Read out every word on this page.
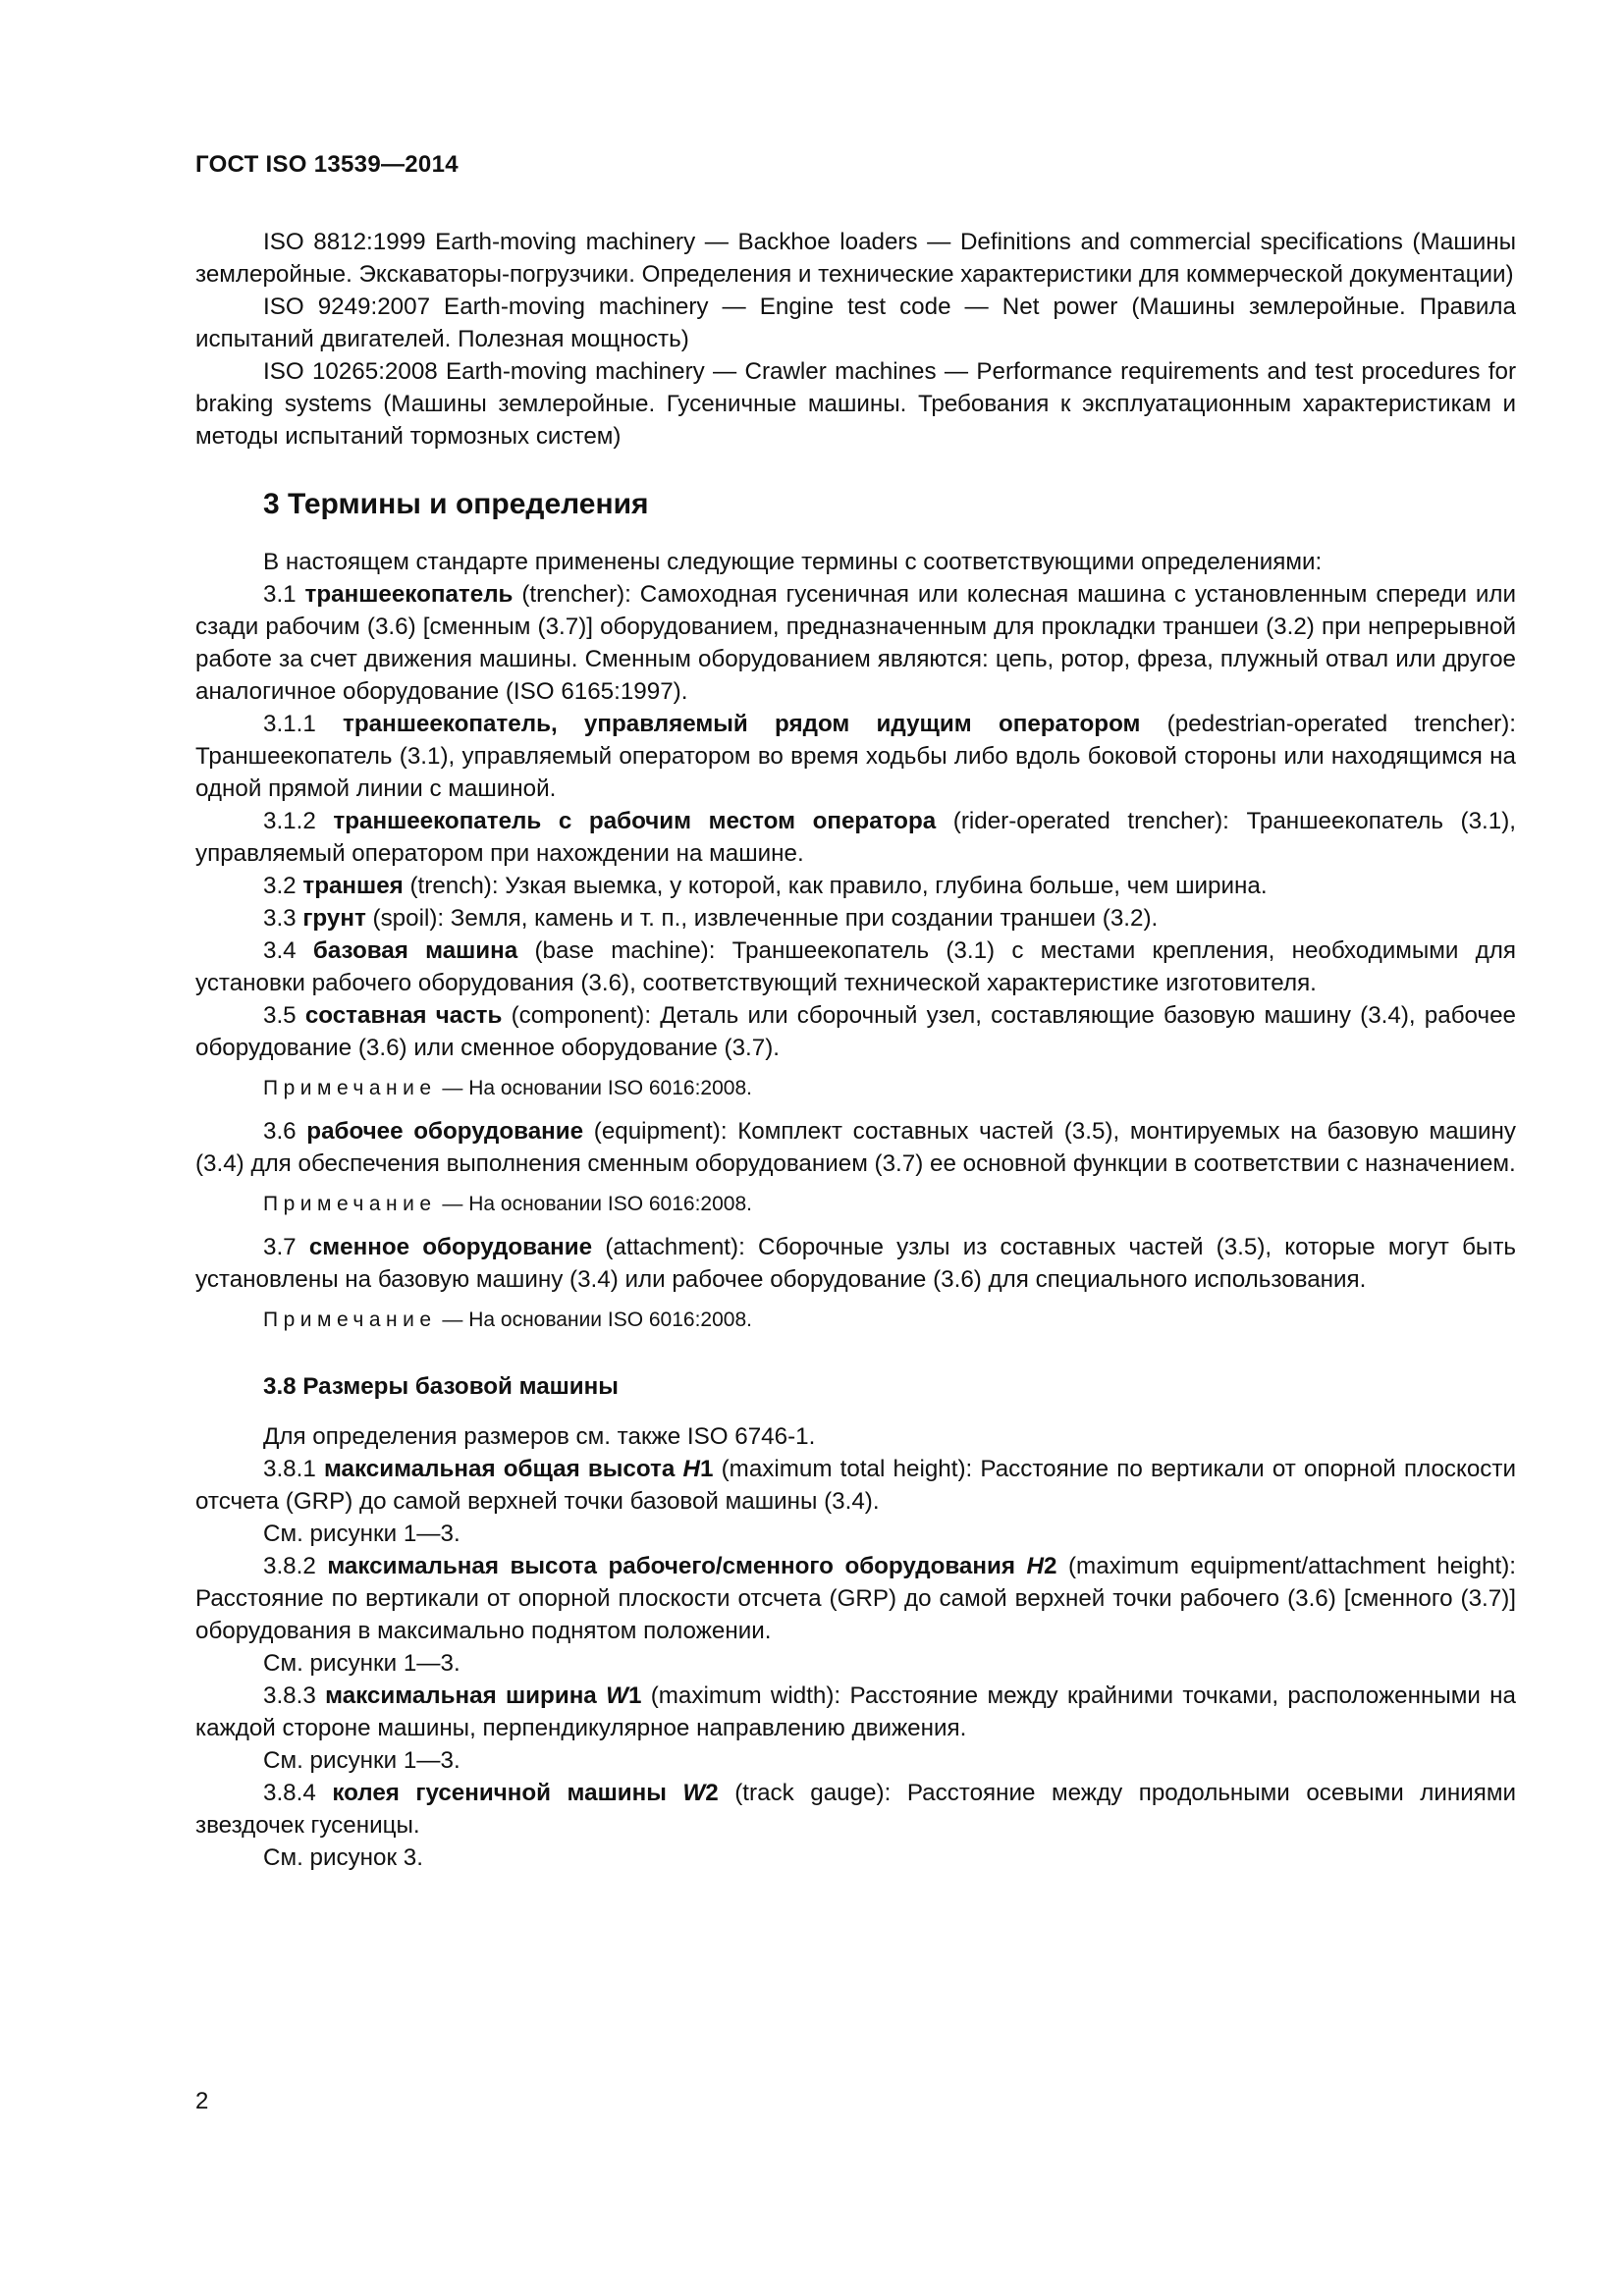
ГОСТ ISO 13539—2014

ISO 8812:1999 Earth-moving machinery — Backhoe loaders — Definitions and commercial specifications (Машины землеройные. Экскаваторы-погрузчики. Определения и технические характеристики для коммерческой документации)

ISO 9249:2007 Earth-moving machinery — Engine test code — Net power (Машины землеройные. Правила испытаний двигателей. Полезная мощность)

ISO 10265:2008 Earth-moving machinery — Crawler machines — Performance requirements and test procedures for braking systems (Машины землеройные. Гусеничные машины. Требования к эксплуатационным характеристикам и методы испытаний тормозных систем)

3 Термины и определения

В настоящем стандарте применены следующие термины с соответствующими определениями:

3.1 траншеекопатель (trencher): Самоходная гусеничная или колесная машина с установленным спереди или сзади рабочим (3.6) [сменным (3.7)] оборудованием, предназначенным для прокладки траншеи (3.2) при непрерывной работе за счет движения машины. Сменным оборудованием являются: цепь, ротор, фреза, плужный отвал или другое аналогичное оборудование (ISO 6165:1997).

3.1.1 траншеекопатель, управляемый рядом идущим оператором (pedestrian-operated trencher): Траншеекопатель (3.1), управляемый оператором во время ходьбы либо вдоль боковой стороны или находящимся на одной прямой линии с машиной.

3.1.2 траншеекопатель с рабочим местом оператора (rider-operated trencher): Траншеекопатель (3.1), управляемый оператором при нахождении на машине.

3.2 траншея (trench): Узкая выемка, у которой, как правило, глубина больше, чем ширина.

3.3 грунт (spoil): Земля, камень и т. п., извлеченные при создании траншеи (3.2).

3.4 базовая машина (base machine): Траншеекопатель (3.1) с местами крепления, необходимыми для установки рабочего оборудования (3.6), соответствующий технической характеристике изготовителя.

3.5 составная часть (component): Деталь или сборочный узел, составляющие базовую машину (3.4), рабочее оборудование (3.6) или сменное оборудование (3.7).

Примечание — На основании ISO 6016:2008.

3.6 рабочее оборудование (equipment): Комплект составных частей (3.5), монтируемых на базовую машину (3.4) для обеспечения выполнения сменным оборудованием (3.7) ее основной функции в соответствии с назначением.

Примечание — На основании ISO 6016:2008.

3.7 сменное оборудование (attachment): Сборочные узлы из составных частей (3.5), которые могут быть установлены на базовую машину (3.4) или рабочее оборудование (3.6) для специального использования.

Примечание — На основании ISO 6016:2008.

3.8 Размеры базовой машины

Для определения размеров см. также ISO 6746-1.

3.8.1 максимальная общая высота H1 (maximum total height): Расстояние по вертикали от опорной плоскости отсчета (GRP) до самой верхней точки базовой машины (3.4).

См. рисунки 1—3.

3.8.2 максимальная высота рабочего/сменного оборудования H2 (maximum equipment/attachment height): Расстояние по вертикали от опорной плоскости отсчета (GRP) до самой верхней точки рабочего (3.6) [сменного (3.7)] оборудования в максимально поднятом положении.

См. рисунки 1—3.

3.8.3 максимальная ширина W1 (maximum width): Расстояние между крайними точками, расположенными на каждой стороне машины, перпендикулярное направлению движения.

См. рисунки 1—3.

3.8.4 колея гусеничной машины W2 (track gauge): Расстояние между продольными осевыми линиями звездочек гусеницы.

См. рисунок 3.

2
